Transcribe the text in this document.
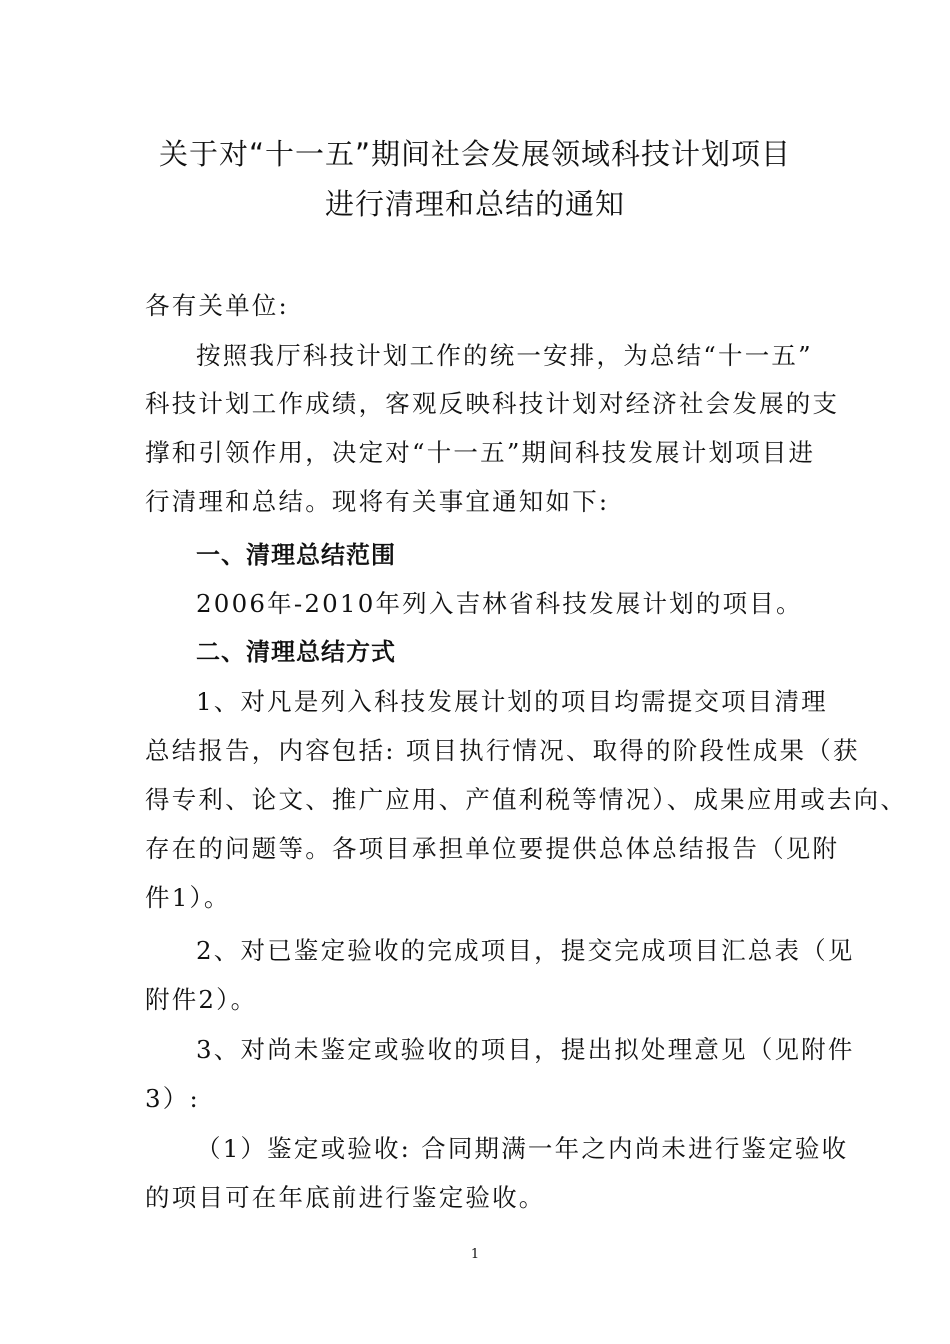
关于对“十一五”期间社会发展领域科技计划项目
进行清理和总结的通知
各有关单位:
按照我厅科技计划工作的统一安排，为总结“十一五”
科技计划工作成绩，客观反映科技计划对经济社会发展的支
撑和引领作用，决定对“十一五”期间科技发展计划项目进
行清理和总结。现将有关事宜通知如下:
一、清理总结范围
2006年-2010年列入吉林省科技发展计划的项目。
二、清理总结方式
1、对凡是列入科技发展计划的项目均需提交项目清理
总结报告，内容包括: 项目执行情况、取得的阶段性成果（获
得专利、论文、推广应用、产值利税等情况）、成果应用或去向、
存在的问题等。各项目承担单位要提供总体总结报告（见附
件1）。
2、对已鉴定验收的完成项目，提交完成项目汇总表（见
附件2）。
3、对尚未鉴定或验收的项目，提出拟处理意见（见附件
3）:
（1）鉴定或验收: 合同期满一年之内尚未进行鉴定验收
的项目可在年底前进行鉴定验收。
1
